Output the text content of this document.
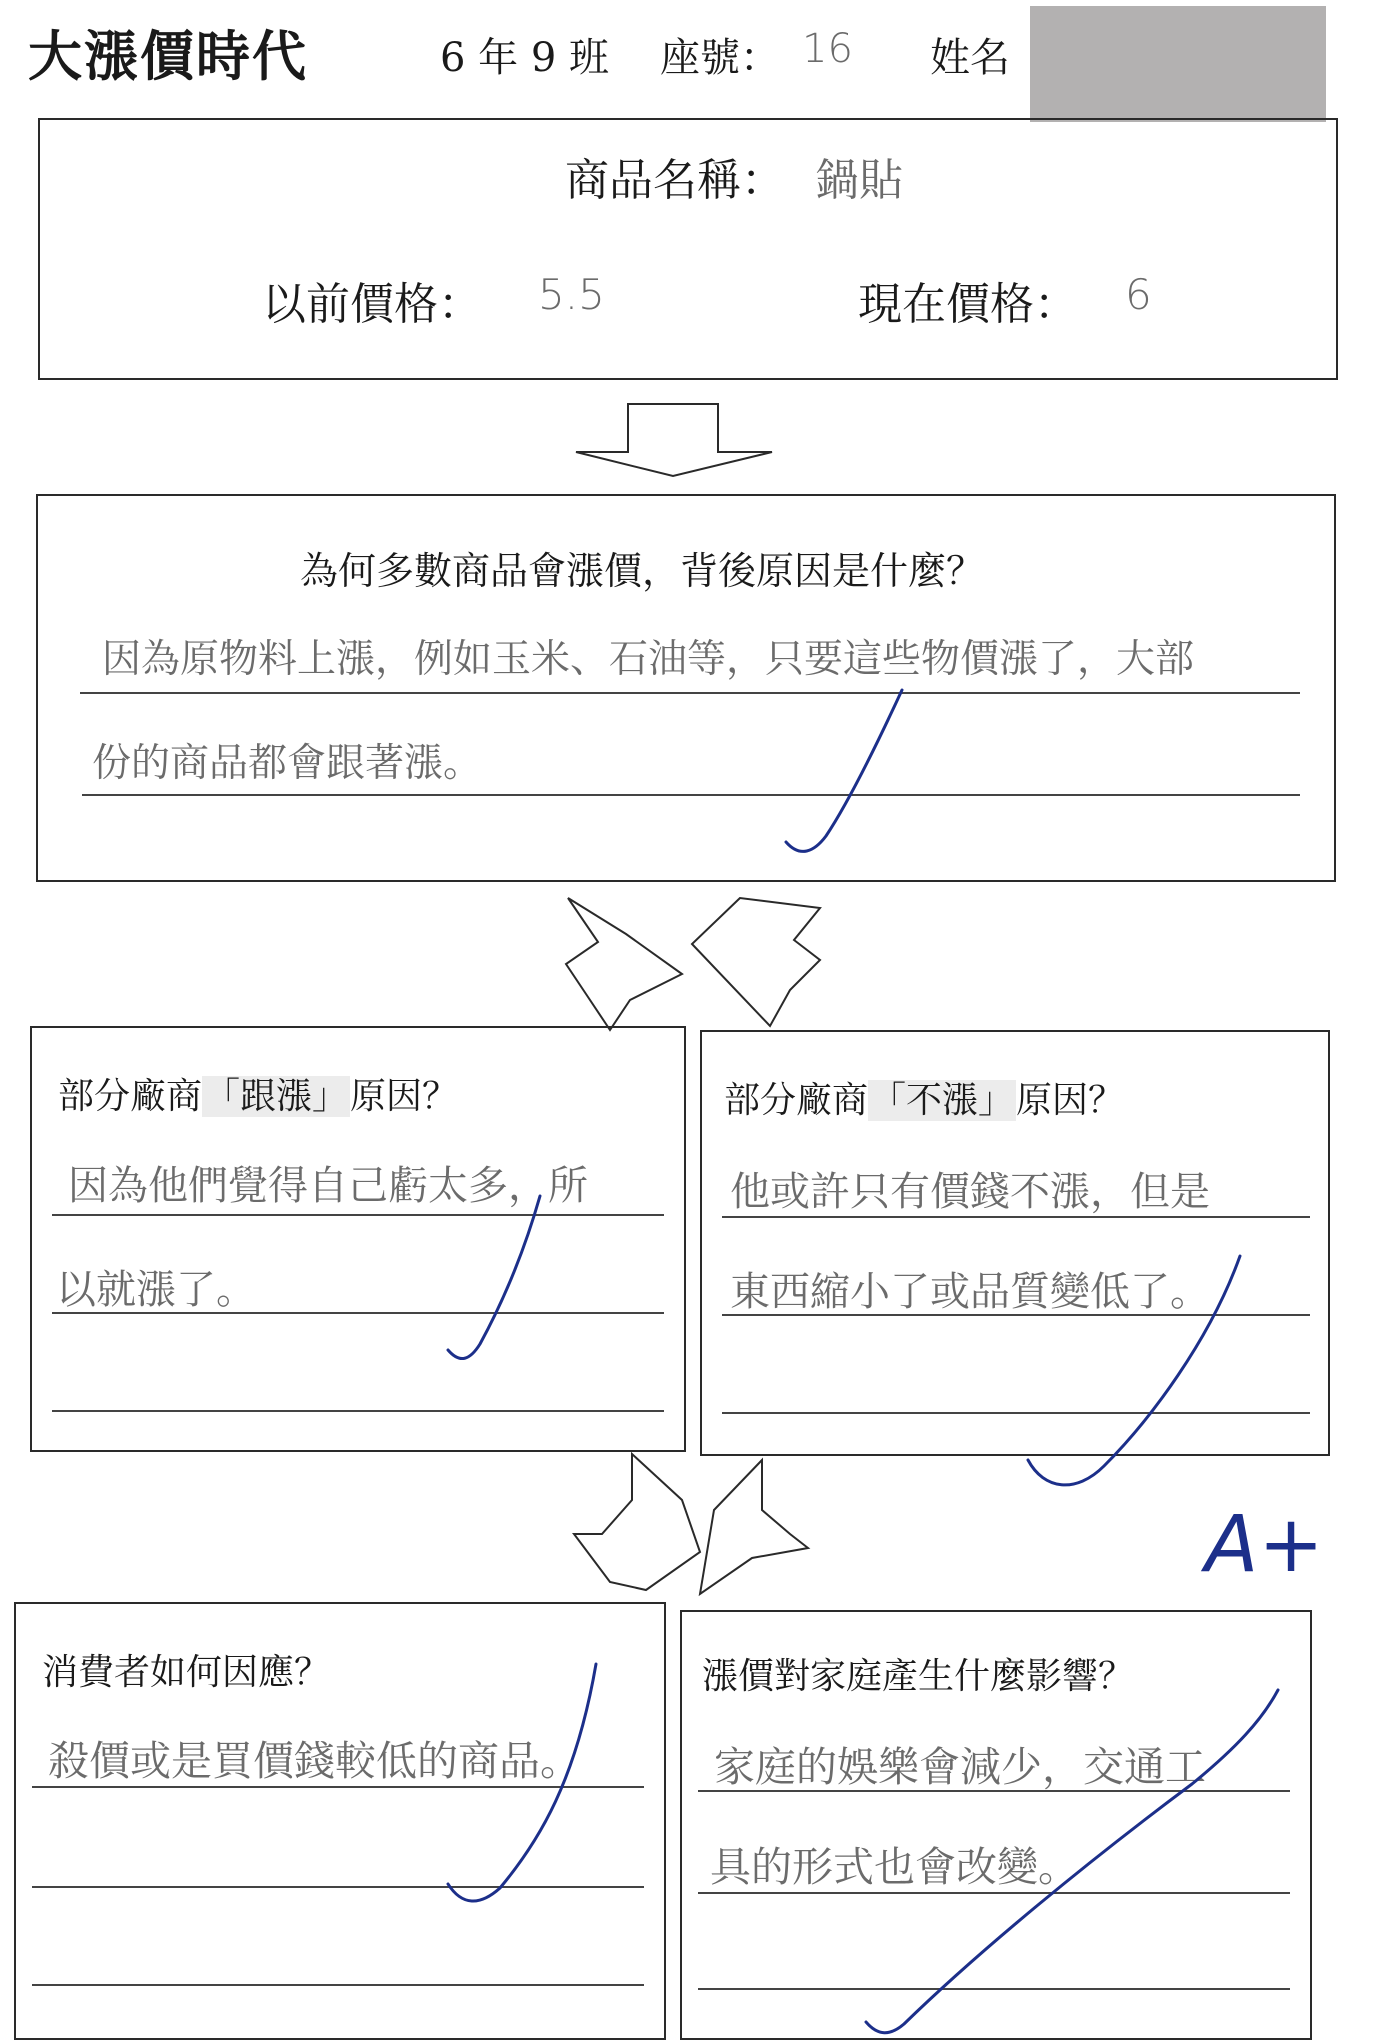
大漲價時代	6 年 9 班 座號： 16 姓名
商品名稱： 鍋貼
以前價格： 5.5	現在價格： 6
為何多數商品會漲價，背後原因是什麼？
因為原物料上漲，例如玉米、石油等，只要這些物價漲了，大部
份的商品都會跟著漲。
部分廠商「跟漲」原因？
因為他們覺得自己虧太多，所
以就漲了。
部分廠商「不漲」原因？
他或許只有價錢不漲，但是
東西縮小了或品質變低了。
消費者如何因應？
殺價或是買價錢較低的商品。
漲價對家庭產生什麼影響？
家庭的娛樂會減少，交通工
具的形式也會改變。
A+
